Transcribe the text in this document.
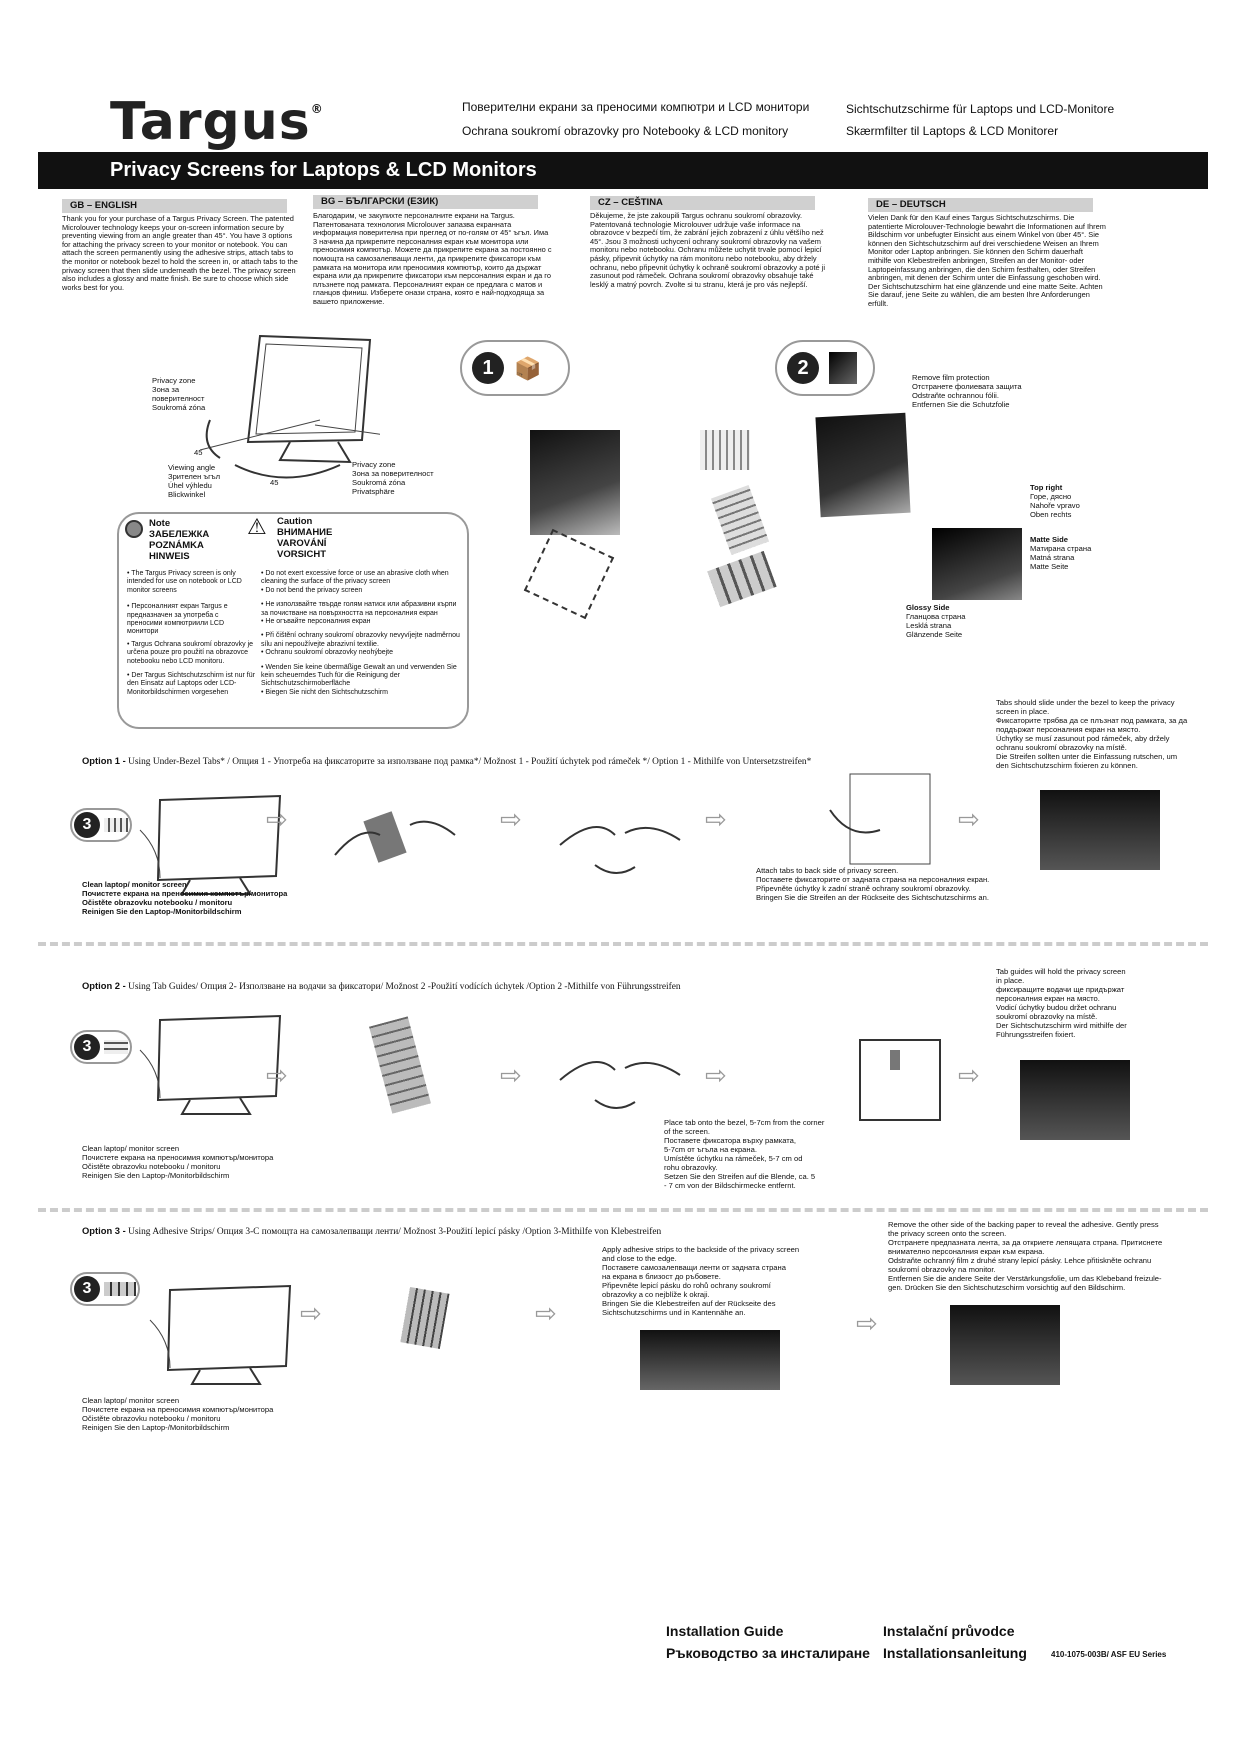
Targus®	Поверителни екрани за преносими компютри и LCD монитори	Sichtschutzschirme für Laptops und LCD-Monitore
Ochrana soukromí obrazovky pro Notebooky & LCD monitory	Skærmfilter til Laptops & LCD Monitorer
Privacy Screens for Laptops & LCD Monitors
GB – ENGLISH
Thank you for your purchase of a Targus Privacy Screen. The patented Microlouver technology keeps your on-screen information secure by preventing viewing from an angle greater than 45°. You have 3 options for attaching the privacy screen to your monitor or notebook. You can attach the screen permanently using the adhesive strips, attach tabs to the monitor or notebook bezel to hold the screen in, or attach tabs to the privacy screen that then slide underneath the bezel. The privacy screen also includes a glossy and matte finish. Be sure to choose which side works best for you.
BG – БЪЛГАРСКИ (ЕЗИК)
Благодарим, че закупихте персоналните екрани на Targus. Патентованата технология Microlouver запазва екранната информация поверителна при преглед от по-голям от 45° ъгъл. Има 3 начина да прикрепите персоналния екран към монитора или преносимия компютър. Можете да прикрепите екрана за постоянно с помощта на самозалепващи ленти, да прикрепите фиксатори към рамката на монитора или преносимия компютър, които да държат екрана или да прикрепите фиксатори към персоналния екран и да го плъзнете под рамката. Персоналният екран се предлага с матов и гланцов финиш. Изберете онази страна, която е най-подходяща за вашето приложение.
CZ – CEŠTINA
Děkujeme, že jste zakoupili Targus ochranu soukromí obrazovky. Patentovaná technologie Microlouver udržuje vaše informace na obrazovce v bezpečí tím, že zabrání jejich zobrazení z úhlu většího než 45°. Jsou 3 možnosti uchycení ochrany soukromí obrazovky na vašem monitoru nebo notebooku. Ochranu můžete uchytit trvale pomocí lepicí pásky, připevnit úchytky na rám monitoru nebo notebooku, aby držely ochranu, nebo připevnit úchytky k ochraně soukromí obrazovky a poté ji zasunout pod rámeček. Ochrana soukromí obrazovky obsahuje také lesklý a matný povrch. Zvolte si tu stranu, která je pro vás nejlepší.
DE – DEUTSCH
Vielen Dank für den Kauf eines Targus Sichtschutzschirms. Die patentierte Microlouver-Technologie bewahrt die Informationen auf Ihrem Bildschirm vor unbefugter Einsicht aus einem Winkel von über 45°. Sie können den Sichtschutzschirm auf drei verschiedene Weisen an Ihrem Monitor oder Laptop anbringen. Sie können den Schirm dauerhaft mithilfe von Klebestreifen anbringen, Streifen an der Monitor- oder Laptopeinfassung anbringen, die den Schirm festhalten, oder Streifen anbringen, mit denen der Schirm unter die Einfassung geschoben wird. Der Sichtschutzschirm hat eine glänzende und eine matte Seite. Achten Sie darauf, jene Seite zu wählen, die am besten Ihre Anforderungen erfüllt.
Privacy zone
Зона за
поверителност
Soukromá zóna
45
Viewing angle
Зрителен ъгъл
Úhel výhledu
Blickwinkel
45
Privacy zone
Зона за поверителност
Soukromá zóna
Privatsphäre
1 📦	2	Remove film protection
Отстранете фолиевата защита
Odstraňte ochrannou fólii.
Entfernen Sie die Schutzfolie
Top right
Горе, дясно
Nahoře vpravo
Oben rechts
Matte Side
Матирана страна
Matná strana
Matte Seite
Glossy Side
Гланцова страна
Lesklá strana
Glänzende Seite
Note
ЗАБЕЛЕЖКА
POZNÁMKA
HINWEIS
⚠ Caution
ВНИМАНИЕ
VAROVÁNÍ
VORSICHT
• The Targus Privacy screen is only intended for use on notebook or LCD monitor screens
• Персоналният екран Targus е предназначен за употреба с преносими компютриили LCD монитори
• Targus Ochrana soukromí obrazovky je určena pouze pro použití na obrazovce notebooku nebo LCD monitoru.
• Der Targus Sichtschutzschirm ist nur für den Einsatz auf Laptops oder LCD-Monitorbildschirmen vorgesehen
• Do not exert excessive force or use an abrasive cloth when cleaning the surface of the privacy screen
• Do not bend the privacy screen
• Не използвайте твърде голям натиск или абразивни кърпи за почистване на повърхността на персоналния екран
• Не огъвайте персоналния екран
• Při čištění ochrany soukromí obrazovky nevyvíjejte nadměrnou sílu ani nepoužívejte abrazivní textilie.
• Ochranu soukromí obrazovky neohýbejte
• Wenden Sie keine übermäßige Gewalt an und verwenden Sie kein scheuerndes Tuch für die Reinigung der Sichtschutzschirmoberfläche
• Biegen Sie nicht den Sichtschutzschirm
Tabs should slide under the bezel to keep the privacy
screen in place.
Фиксаторите трябва да се плъзнат под рамката, за да
поддържат персоналния екран на място.
Úchytky se musí zasunout pod rámeček, aby držely
ochranu soukromí obrazovky na místě.
Die Streifen sollten unter die Einfassung rutschen, um
den Sichtschutzschirm fixieren zu können.
Option 1 - Using Under-Bezel Tabs* / Опция 1 - Употреба на фиксаторите за използване под рамка*/ Možnost 1 - Použití úchytek pod rámeček */ Option 1 - Mithilfe von Untersetzstreifen*
3
Clean laptop/ monitor screen
Почистете екрана на преносимия компютър/монитора
Očistěte obrazovku notebooku / monitoru
Reinigen Sie den Laptop-/Monitorbildschirm
⇨	⇨	⇨
Attach tabs to back side of privacy screen.
Поставете фиксаторите от задната страна на персоналния екран.
Připevněte úchytky k zadní straně ochrany soukromí obrazovky.
Bringen Sie die Streifen an der Rückseite des Sichtschutzschirms an.
⇨
Tab guides will hold the privacy screen
in place.
фиксиращите водачи ще придържат
персоналния екран на място.
Vodicí úchytky budou držet ochranu
soukromí obrazovky na místě.
Der Sichtschutzschirm wird mithilfe der
Führungsstreifen fixiert.
Option 2 - Using Tab Guides/ Опция 2- Използване на водачи за фиксатори/ Možnost 2 -Použití vodících úchytek /Option 2 -Mithilfe von Führungsstreifen
3
Clean laptop/ monitor screen
Почистете екрана на преносимия компютър/монитора
Očistěte obrazovku notebooku / monitoru
Reinigen Sie den Laptop-/Monitorbildschirm
⇨	⇨	⇨
Place tab onto the bezel, 5-7cm from the corner
of the screen.
Поставете фиксатора върху рамката,
5-7cm от ъгъла на екрана.
Umístěte úchytku na rámeček, 5-7 cm od
rohu obrazovky.
Setzen Sie den Streifen auf die Blende, ca. 5
- 7 cm von der Bildschirmecke entfernt.
⇨
Option 3 - Using Adhesive Strips/ Опция 3-С помощта на самозалепващи ленти/ Možnost 3-Použití lepicí pásky /Option 3-Mithilfe von Klebestreifen
3
Clean laptop/ monitor screen
Почистете екрана на преносимия компютър/монитора
Očistěte obrazovku notebooku / monitoru
Reinigen Sie den Laptop-/Monitorbildschirm
⇨	⇨
Apply adhesive strips to the backside of the privacy screen
and close to the edge.
Поставете самозалепващи ленти от задната страна
на екрана в близост до ръбовете.
Připevněte lepicí pásku do rohů ochrany soukromí
obrazovky a co nejblíže k okraji.
Bringen Sie die Klebestreifen auf der Rückseite des
Sichtschutzschirms und in Kantennähe an.	⇨
Remove the other side of the backing paper to reveal the adhesive. Gently press
the privacy screen onto the screen.
Отстранете предпазната лента, за да откриете лепящата страна. Притиснете
внимателно персоналния екран към екрана.
Odstraňte ochranný film z druhé strany lepicí pásky. Lehce přitiskněte ochranu
soukromí obrazovky na monitor.
Entfernen Sie die andere Seite der Verstärkungsfolie, um das Klebeband freizule-
gen. Drücken Sie den Sichtschutzschirm vorsichtig auf den Bildschirm.
Installation Guide	Instalační průvodce
Ръководство за инсталиране Installationsanleitung	410-1075-003B/ ASF EU Series
